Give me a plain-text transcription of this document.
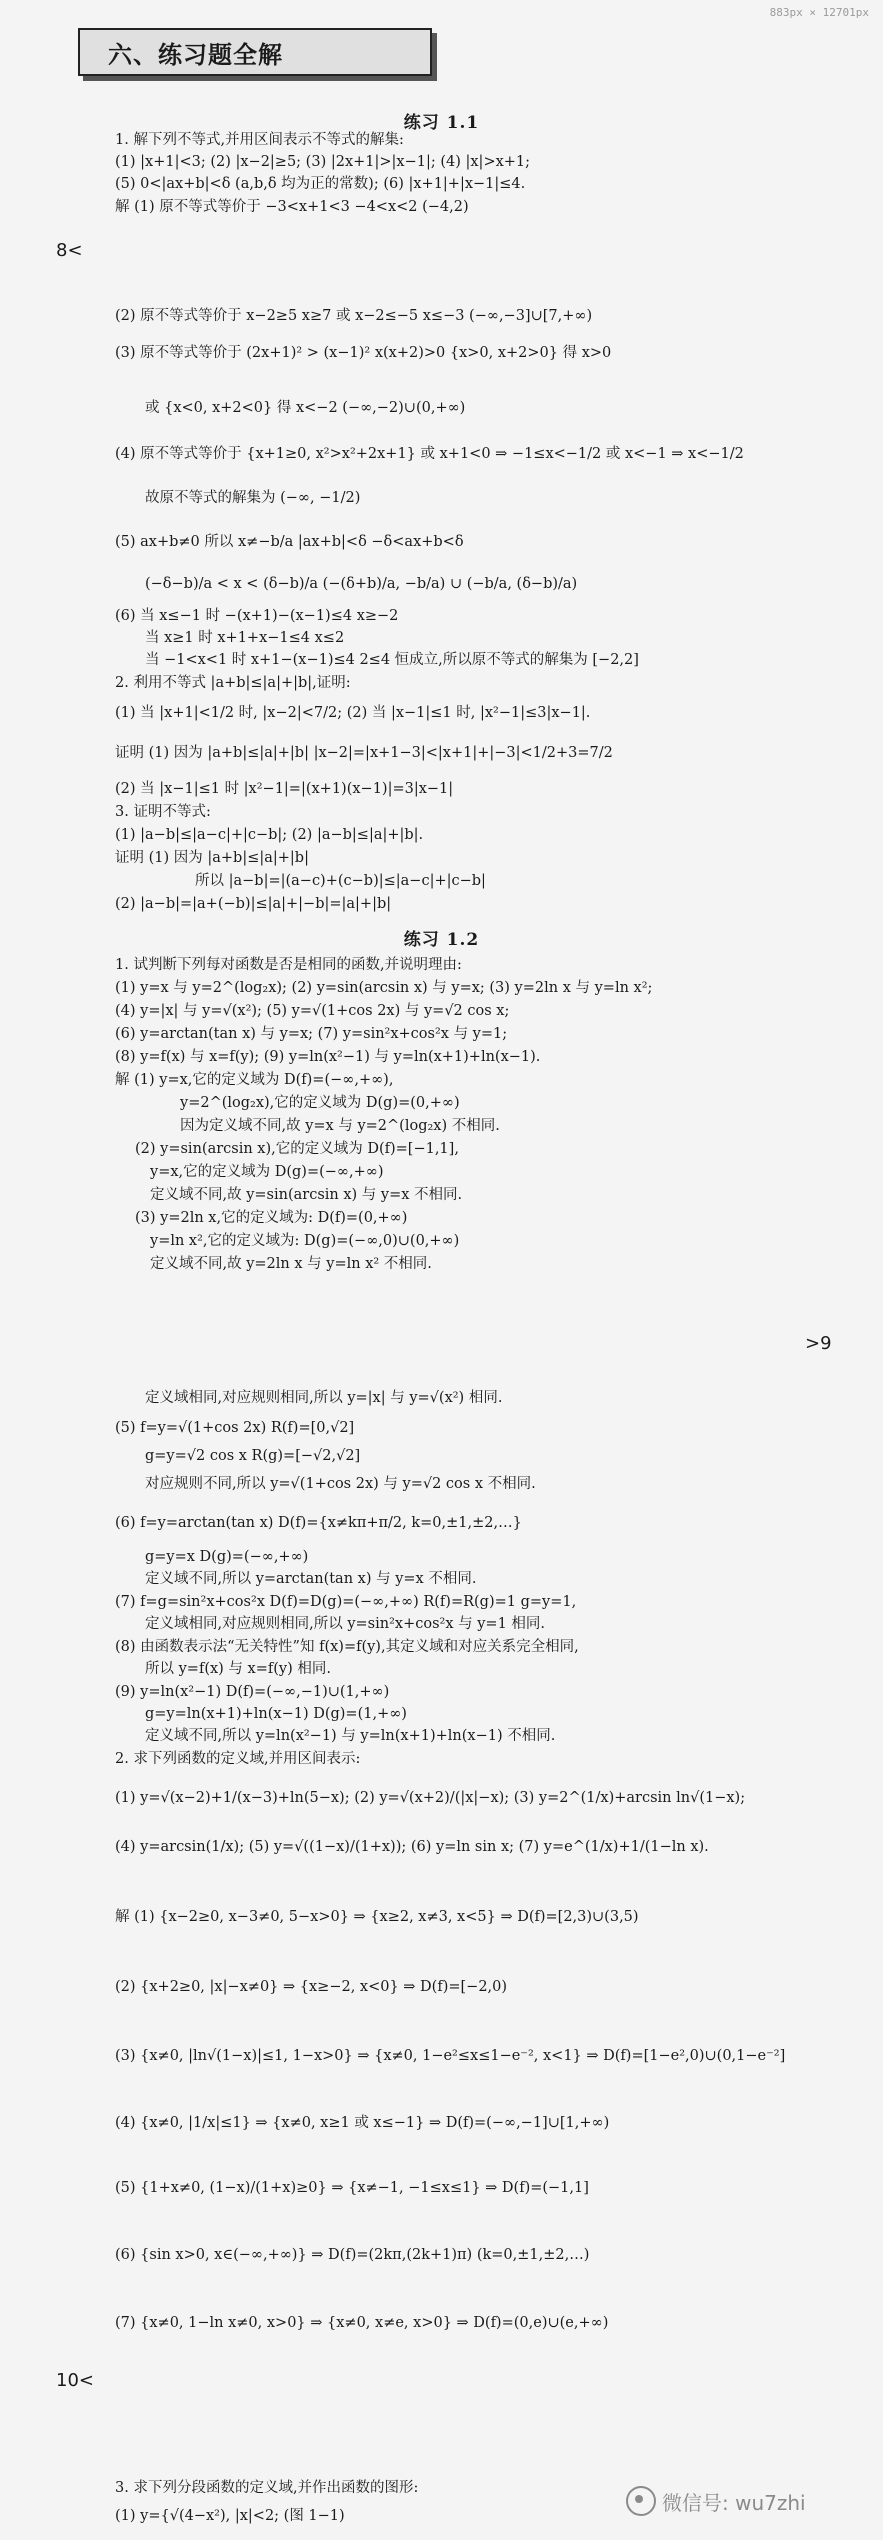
883px × 12701px
六、练习题全解
练习 1.1
1. 解下列不等式,并用区间表示不等式的解集:
(1) |x+1|<3; (2) |x−2|≥5; (3) |2x+1|>|x−1|; (4) |x|>x+1;
(5) 0<|ax+b|<δ (a,b,δ 均为正的常数); (6) |x+1|+|x−1|≤4.
解 (1) 原不等式等价于 −3<x+1<3 −4<x<2 (−4,2)
8<
(2) 原不等式等价于 x−2≥5 x≥7 或 x−2≤−5 x≤−3 (−∞,−3]∪[7,+∞)
(3) 原不等式等价于 (2x+1)² > (x−1)² x(x+2)>0 {x>0, x+2>0} 得 x>0
或 {x<0, x+2<0} 得 x<−2 (−∞,−2)∪(0,+∞)
(4) 原不等式等价于 {x+1≥0, x²>x²+2x+1} 或 x+1<0 ⇒ −1≤x<−1/2 或 x<−1 ⇒ x<−1/2
故原不等式的解集为 (−∞, −1/2)
(5) ax+b≠0 所以 x≠−b/a |ax+b|<δ −δ<ax+b<δ
(−δ−b)/a < x < (δ−b)/a (−(δ+b)/a, −b/a) ∪ (−b/a, (δ−b)/a)
(6) 当 x≤−1 时 −(x+1)−(x−1)≤4 x≥−2
当 x≥1 时 x+1+x−1≤4 x≤2
当 −1<x<1 时 x+1−(x−1)≤4 2≤4 恒成立,所以原不等式的解集为 [−2,2]
2. 利用不等式 |a+b|≤|a|+|b|,证明:
(1) 当 |x+1|<1/2 时, |x−2|<7/2; (2) 当 |x−1|≤1 时, |x²−1|≤3|x−1|.
证明 (1) 因为 |a+b|≤|a|+|b| |x−2|=|x+1−3|<|x+1|+|−3|<1/2+3=7/2
(2) 当 |x−1|≤1 时 |x²−1|=|(x+1)(x−1)|=3|x−1|
3. 证明不等式:
(1) |a−b|≤|a−c|+|c−b|; (2) |a−b|≤|a|+|b|.
证明 (1) 因为 |a+b|≤|a|+|b|
所以 |a−b|=|(a−c)+(c−b)|≤|a−c|+|c−b|
(2) |a−b|=|a+(−b)|≤|a|+|−b|=|a|+|b|
练习 1.2
1. 试判断下列每对函数是否是相同的函数,并说明理由:
(1) y=x 与 y=2^(log₂x); (2) y=sin(arcsin x) 与 y=x; (3) y=2ln x 与 y=ln x²;
(4) y=|x| 与 y=√(x²); (5) y=√(1+cos 2x) 与 y=√2 cos x;
(6) y=arctan(tan x) 与 y=x; (7) y=sin²x+cos²x 与 y=1;
(8) y=f(x) 与 x=f(y); (9) y=ln(x²−1) 与 y=ln(x+1)+ln(x−1).
解 (1) y=x,它的定义域为 D(f)=(−∞,+∞),
y=2^(log₂x),它的定义域为 D(g)=(0,+∞)
因为定义域不同,故 y=x 与 y=2^(log₂x) 不相同.
(2) y=sin(arcsin x),它的定义域为 D(f)=[−1,1],
y=x,它的定义域为 D(g)=(−∞,+∞)
定义域不同,故 y=sin(arcsin x) 与 y=x 不相同.
(3) y=2ln x,它的定义域为: D(f)=(0,+∞)
y=ln x²,它的定义域为: D(g)=(−∞,0)∪(0,+∞)
定义域不同,故 y=2ln x 与 y=ln x² 不相同.
>9
定义域相同,对应规则相同,所以 y=|x| 与 y=√(x²) 相同.
(5) f=y=√(1+cos 2x) R(f)=[0,√2]
g=y=√2 cos x R(g)=[−√2,√2]
对应规则不同,所以 y=√(1+cos 2x) 与 y=√2 cos x 不相同.
(6) f=y=arctan(tan x) D(f)={x≠kπ+π/2, k=0,±1,±2,…}
g=y=x D(g)=(−∞,+∞)
定义域不同,所以 y=arctan(tan x) 与 y=x 不相同.
(7) f=g=sin²x+cos²x D(f)=D(g)=(−∞,+∞) R(f)=R(g)=1 g=y=1,
定义域相同,对应规则相同,所以 y=sin²x+cos²x 与 y=1 相同.
(8) 由函数表示法“无关特性”知 f(x)=f(y),其定义域和对应关系完全相同,
所以 y=f(x) 与 x=f(y) 相同.
(9) y=ln(x²−1) D(f)=(−∞,−1)∪(1,+∞)
g=y=ln(x+1)+ln(x−1) D(g)=(1,+∞)
定义域不同,所以 y=ln(x²−1) 与 y=ln(x+1)+ln(x−1) 不相同.
2. 求下列函数的定义域,并用区间表示:
(1) y=√(x−2)+1/(x−3)+ln(5−x); (2) y=√(x+2)/(|x|−x); (3) y=2^(1/x)+arcsin ln√(1−x);
(4) y=arcsin(1/x); (5) y=√((1−x)/(1+x)); (6) y=ln sin x; (7) y=e^(1/x)+1/(1−ln x).
解 (1) {x−2≥0, x−3≠0, 5−x>0} ⇒ {x≥2, x≠3, x<5} ⇒ D(f)=[2,3)∪(3,5)
(2) {x+2≥0, |x|−x≠0} ⇒ {x≥−2, x<0} ⇒ D(f)=[−2,0)
(3) {x≠0, |ln√(1−x)|≤1, 1−x>0} ⇒ {x≠0, 1−e²≤x≤1−e⁻², x<1} ⇒ D(f)=[1−e²,0)∪(0,1−e⁻²]
(4) {x≠0, |1/x|≤1} ⇒ {x≠0, x≥1 或 x≤−1} ⇒ D(f)=(−∞,−1]∪[1,+∞)
(5) {1+x≠0, (1−x)/(1+x)≥0} ⇒ {x≠−1, −1≤x≤1} ⇒ D(f)=(−1,1]
(6) {sin x>0, x∈(−∞,+∞)} ⇒ D(f)=(2kπ,(2k+1)π) (k=0,±1,±2,…)
(7) {x≠0, 1−ln x≠0, x>0} ⇒ {x≠0, x≠e, x>0} ⇒ D(f)=(0,e)∪(e,+∞)
10<
3. 求下列分段函数的定义域,并作出函数的图形:
(1) y={√(4−x²), |x|<2; (图 1−1)
微信号: wu7zhi
